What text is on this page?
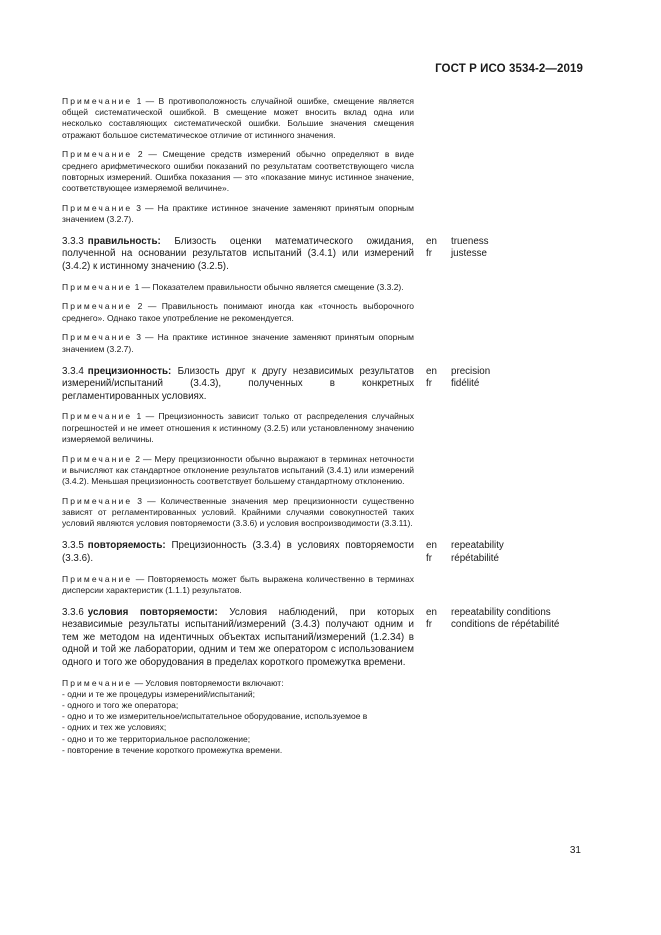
ГОСТ Р ИСО 3534-2—2019

Примечание 1 — В противоположность случайной ошибке, смещение является общей систематической ошибкой. В смещение может вносить вклад одна или несколько составляющих систематической ошибки. Большие значения смещения отражают большое систематическое отличие от истинного значения.

Примечание 2 — Смещение средств измерений обычно определяют в виде среднего арифметического ошибки показаний по результатам соответствующего числа повторных измерений. Ошибка показания — это «показание минус истинное значение, соответствующее измеряемой величине».

Примечание 3 — На практике истинное значение заменяют принятым опорным значением (3.2.7).

3.3.3 правильность: Близость оценки математического ожидания, полученной на основании результатов испытаний (3.4.1) или измерений (3.4.2) к истинному значению (3.2.5).

Примечание 1 — Показателем правильности обычно является смещение (3.3.2).

Примечание 2 — Правильность понимают иногда как «точность выборочного среднего». Однако такое употребление не рекомендуется.

Примечание 3 — На практике истинное значение заменяют принятым опорным значением (3.2.7).

en
fr
trueness
justesse

3.3.4 прецизионность: Близость друг к другу независимых результатов измерений/испытаний (3.4.3), полученных в конкретных регламентированных условиях.

Примечание 1 — Прецизионность зависит только от распределения случайных погрешностей и не имеет отношения к истинному (3.2.5) или установленному значению измеряемой величины.

Примечание 2 — Меру прецизионности обычно выражают в терминах неточности и вычисляют как стандартное отклонение результатов испытаний (3.4.1) или измерений (3.4.2). Меньшая прецизионность соответствует большему стандартному отклонению.

Примечание 3 — Количественные значения мер прецизионности существенно зависят от регламентированных условий. Крайними случаями совокупностей таких условий являются условия повторяемости (3.3.6) и условия воспроизводимости (3.3.11).

en
fr
precision
fidélité

3.3.5 повторяемость: Прецизионность (3.3.4) в условиях повторяемости (3.3.6).

Примечание — Повторяемость может быть выражена количественно в терминах дисперсии характеристик (1.1.1) результатов.

en
fr
repeatability
répétabilité

3.3.6 условия повторяемости: Условия наблюдений, при которых независимые результаты испытаний/измерений (3.4.3) получают одним и тем же методом на идентичных объектах испытаний/измерений (1.2.34) в одной и той же лаборатории, одним и тем же оператором с использованием одного и того же оборудования в пределах короткого промежутка времени.

Примечание — Условия повторяемости включают:

- одни и те же процедуры измерений/испытаний;
- одного и того же оператора;
- одно и то же измерительное/испытательное оборудование, используемое в
- одних и тех же условиях;
- одно и то же территориальное расположение;
- повторение в течение короткого промежутка времени.
en
fr
repeatability conditions
conditions de répétabilité
31
